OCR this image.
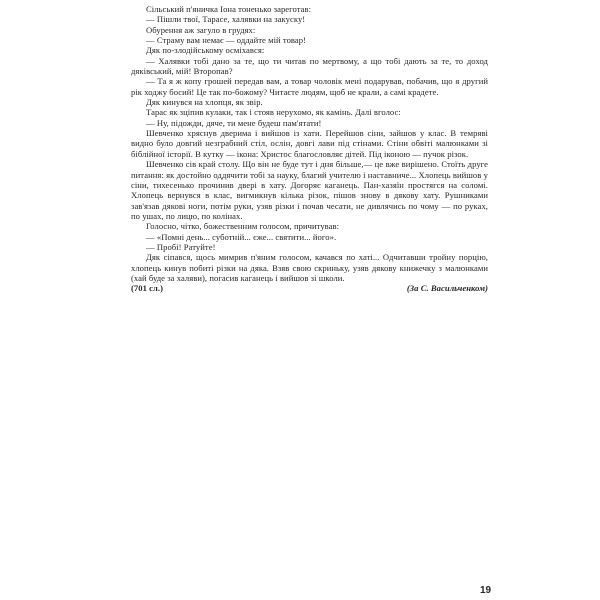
Сільський п'яничка Іона тоненько зареготав:

— Пішли твої, Тарасе, халявки на закуску!

Обурення аж загуло в грудях:

— Страму вам немає — оддайте мій товар!

Дяк по-злодійському осміхався:

— Халявки тобі дано за те, що ти читав по мертвому, а що тобі дають за те, то доход дяківський, мій! Второпав?

— Та я ж копу грошей передав вам, а товар чоловік мені подарував, побачив, що я другий рік ходжу босий! Це так по-божому? Читаєте людям, щоб не крали, а самі крадете.

Дяк кинувся на хлопця, як звір.

Тарас як зціпив кулаки, так і стояв нерухомо, як камінь. Далі вголос:

— Ну, підожди, дяче, ти мене будеш пам'ятати!

Шевченко хряснув дверима і вийшов із хати. Перейшов сіни, зайшов у клас. В темряві видно було довгий незграбний стіл, ослін, довгі лави під стінами. Стіни обвіті малюнками зі біблійної історії. В кутку — ікона: Христос благословляє дітей. Під іконою — пучок різок.

Шевченко сів край столу. Що він не буде тут і дня більше,— це вже вирішено. Стоїть друге питання: як достойно оддячити тобі за науку, благий учителю і наставниче... Хлопець вийшов у сіни, тихесенько прочинив двері в хату. Догоряє каганець. Пан-хазяїн простягся на соломі. Хлопець вернувся в клас, вигмикнув кілька різок, пішов знову в дякову хату. Рушниками зав'язав дякові ноги, потім руки, узяв різки і почав чесати, не дивлячись по чому — по руках, по ушах, по лицю, по колінах.

Голосно, чітко, божественним голосом, причитував:

— «Помні день... суботній... єже... святити... його».

— Пробі! Ратуйте!

Дяк сіпався, щось мимрив п'яним голосом, качався по хаті... Одчитавши тройну порцію, хлопець кинув побиті різки на дяка. Взяв свою скриньку, узяв дякову книжечку з малюнками (хай буде за халяви), погасив каганець і вийшов зі школи.

(701 сл.)	(За С. Васильченком)
19
